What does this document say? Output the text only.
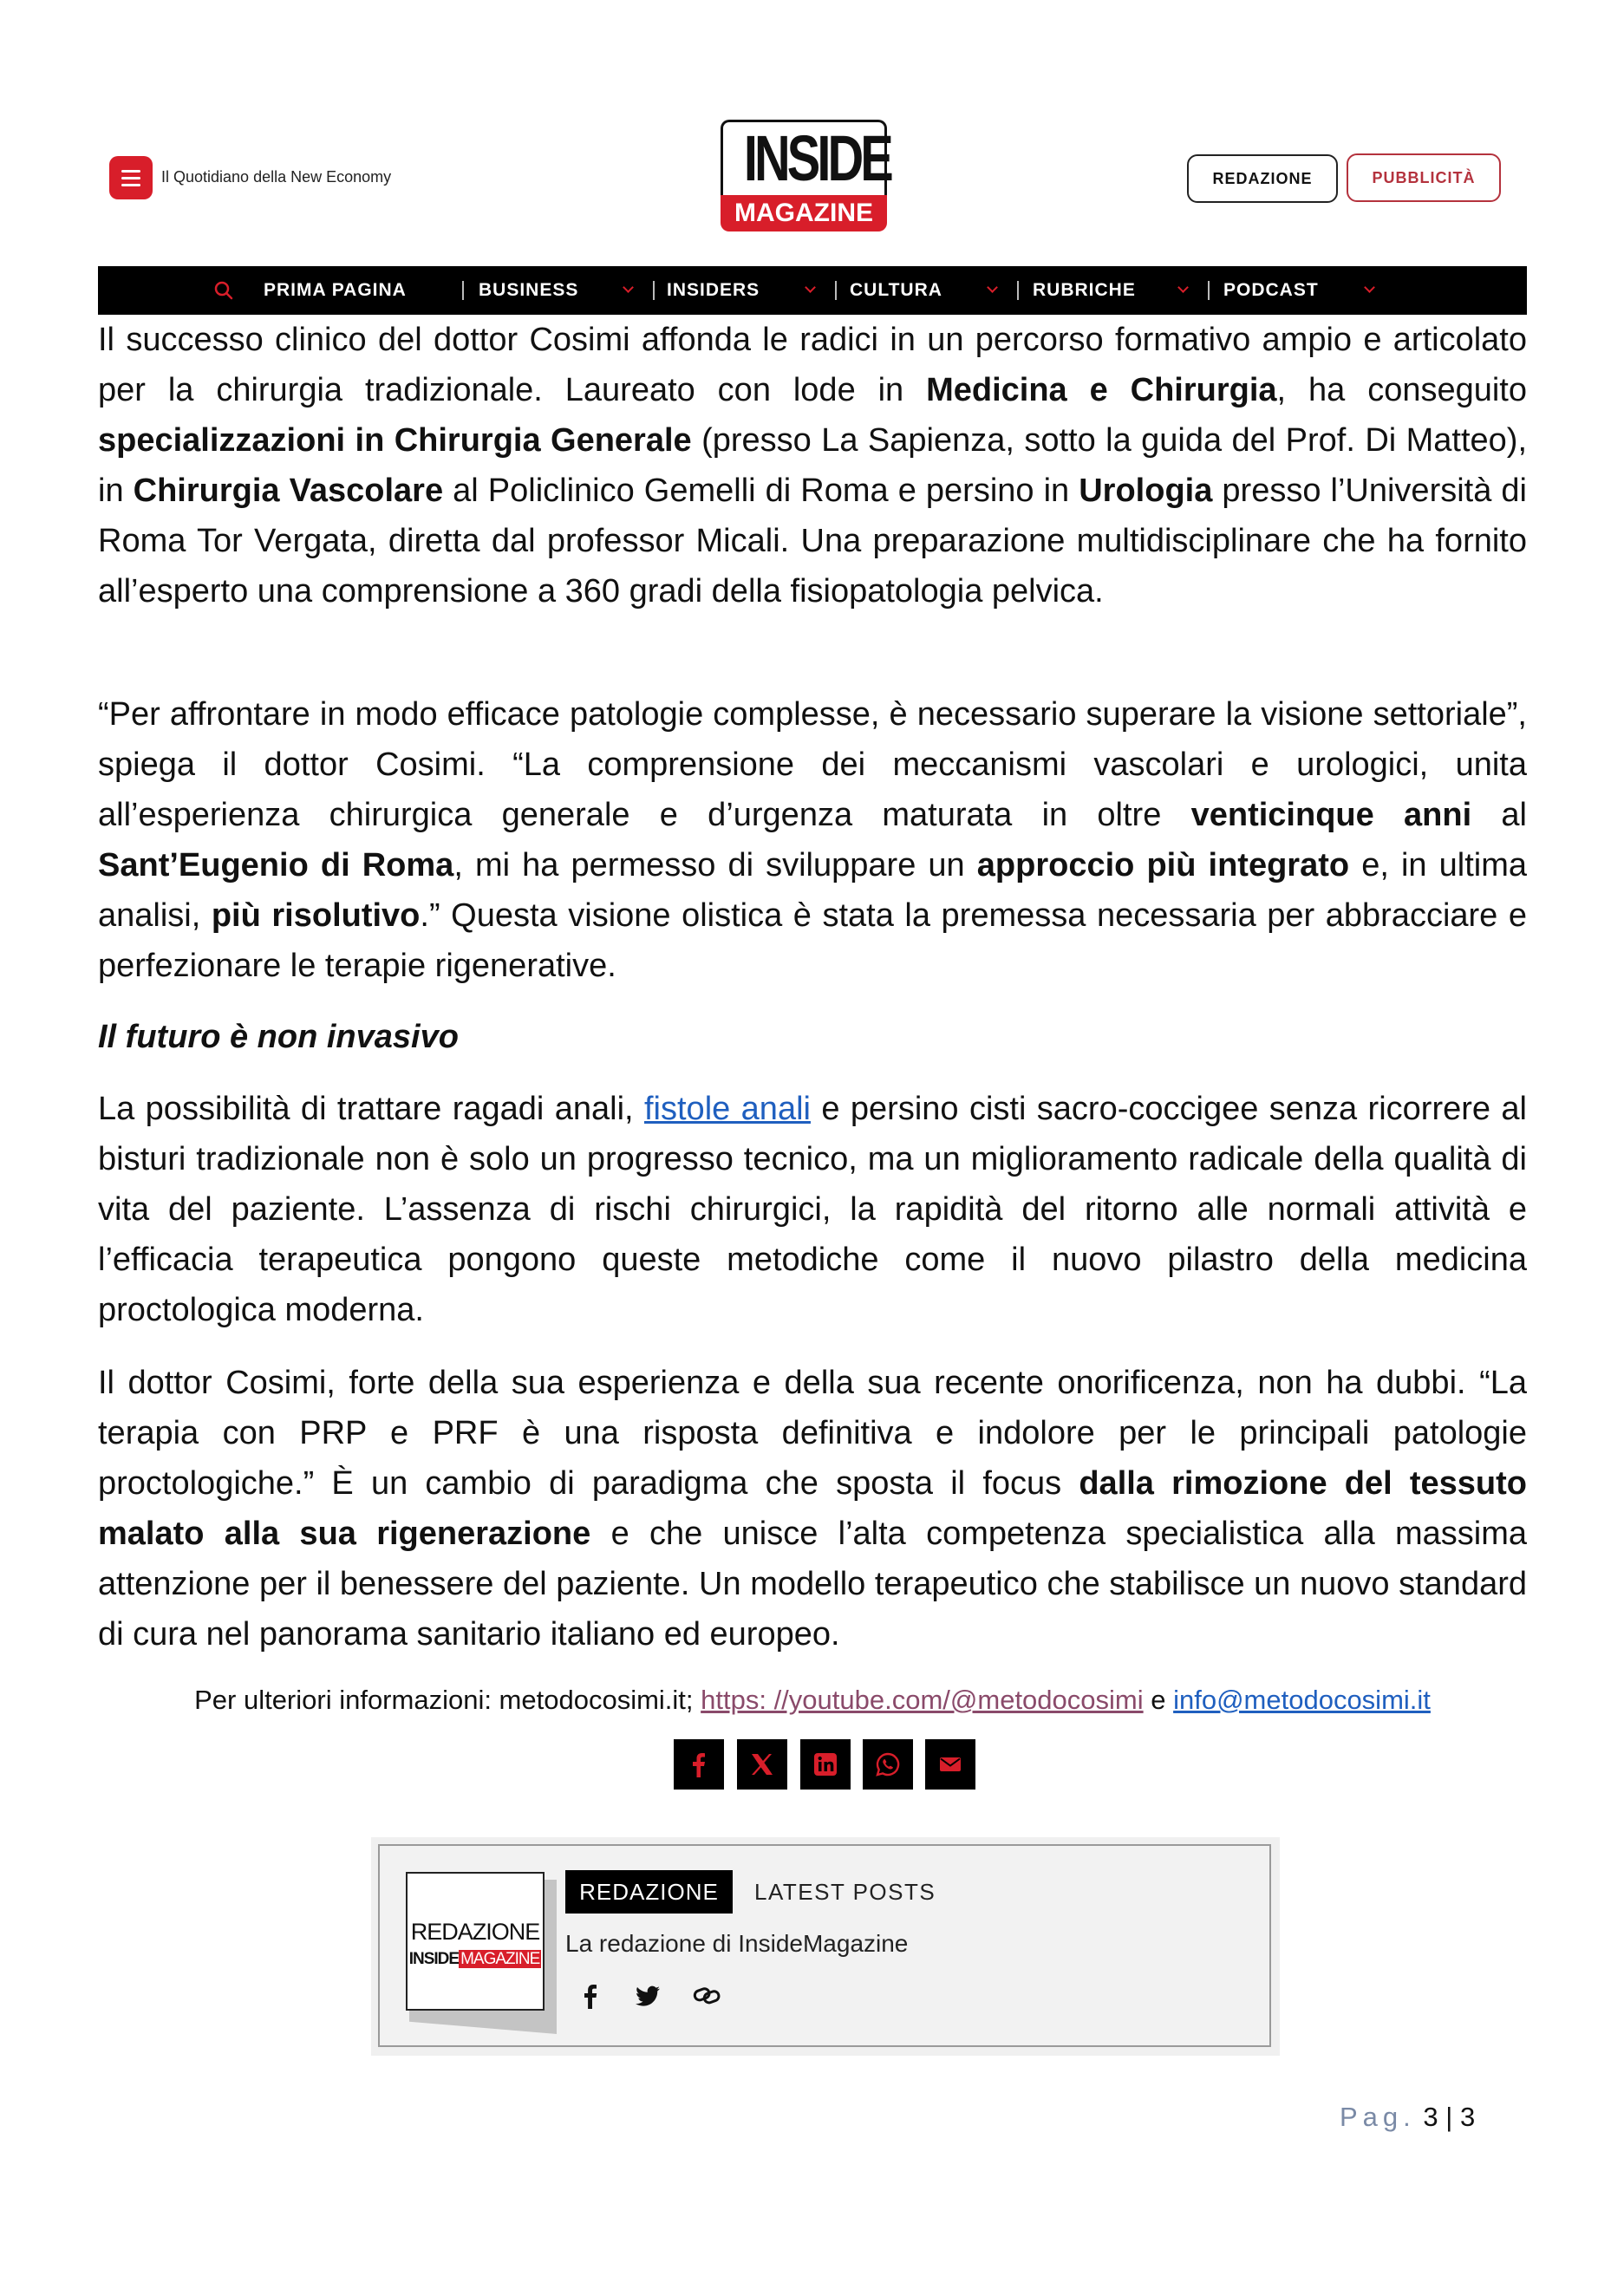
Il Quotidiano della New Economy	INSIDE
MAGAZINE
REDAZIONE	PUBBLICITÀ
PRIMA PAGINA	BUSINESS	INSIDERS	CULTURA	RUBRICHE	PODCAST
Il successo clinico del dottor Cosimi affonda le radici in un percorso formativo ampio e articolato per la chirurgia tradizionale. Laureato con lode in Medicina e Chirurgia, ha conseguito specializzazioni in Chirurgia Generale (presso La Sapienza, sotto la guida del Prof. Di Matteo), in Chirurgia Vascolare al Policlinico Gemelli di Roma e persino in Urologia presso l’Università di Roma Tor Vergata, diretta dal professor Micali. Una preparazione multidisciplinare che ha fornito all’esperto una comprensione a 360 gradi della fisiopatologia pelvica.
“Per affrontare in modo efficace patologie complesse, è necessario superare la visione settoriale”, spiega il dottor Cosimi. “La comprensione dei meccanismi vascolari e urologici, unita all’esperienza chirurgica generale e d’urgenza maturata in oltre venticinque anni al Sant’Eugenio di Roma, mi ha permesso di sviluppare un approccio più integrato e, in ultima analisi, più risolutivo.” Questa visione olistica è stata la premessa necessaria per abbracciare e perfezionare le terapie rigenerative.
Il futuro è non invasivo
La possibilità di trattare ragadi anali, fistole anali e persino cisti sacro-coccigee senza ricorrere al bisturi tradizionale non è solo un progresso tecnico, ma un miglioramento radicale della qualità di vita del paziente. L’assenza di rischi chirurgici, la rapidità del ritorno alle normali attività e l’efficacia terapeutica pongono queste metodiche come il nuovo pilastro della medicina proctologica moderna.
Il dottor Cosimi, forte della sua esperienza e della sua recente onorificenza, non ha dubbi. “La terapia con PRP e PRF è una risposta definitiva e indolore per le principali patologie proctologiche.” È un cambio di paradigma che sposta il focus dalla rimozione del tessuto malato alla sua rigenerazione e che unisce l’alta competenza specialistica alla massima attenzione per il benessere del paziente. Un modello terapeutico che stabilisce un nuovo standard di cura nel panorama sanitario italiano ed europeo.
Per ulteriori informazioni: metodocosimi.it; https: //youtube.com/@metodocosimi e info@metodocosimi.it
REDAZIONE
INSIDE MAGAZINE
REDAZIONE	LATEST POSTS
La redazione di InsideMagazine
Pag. 3 | 3
